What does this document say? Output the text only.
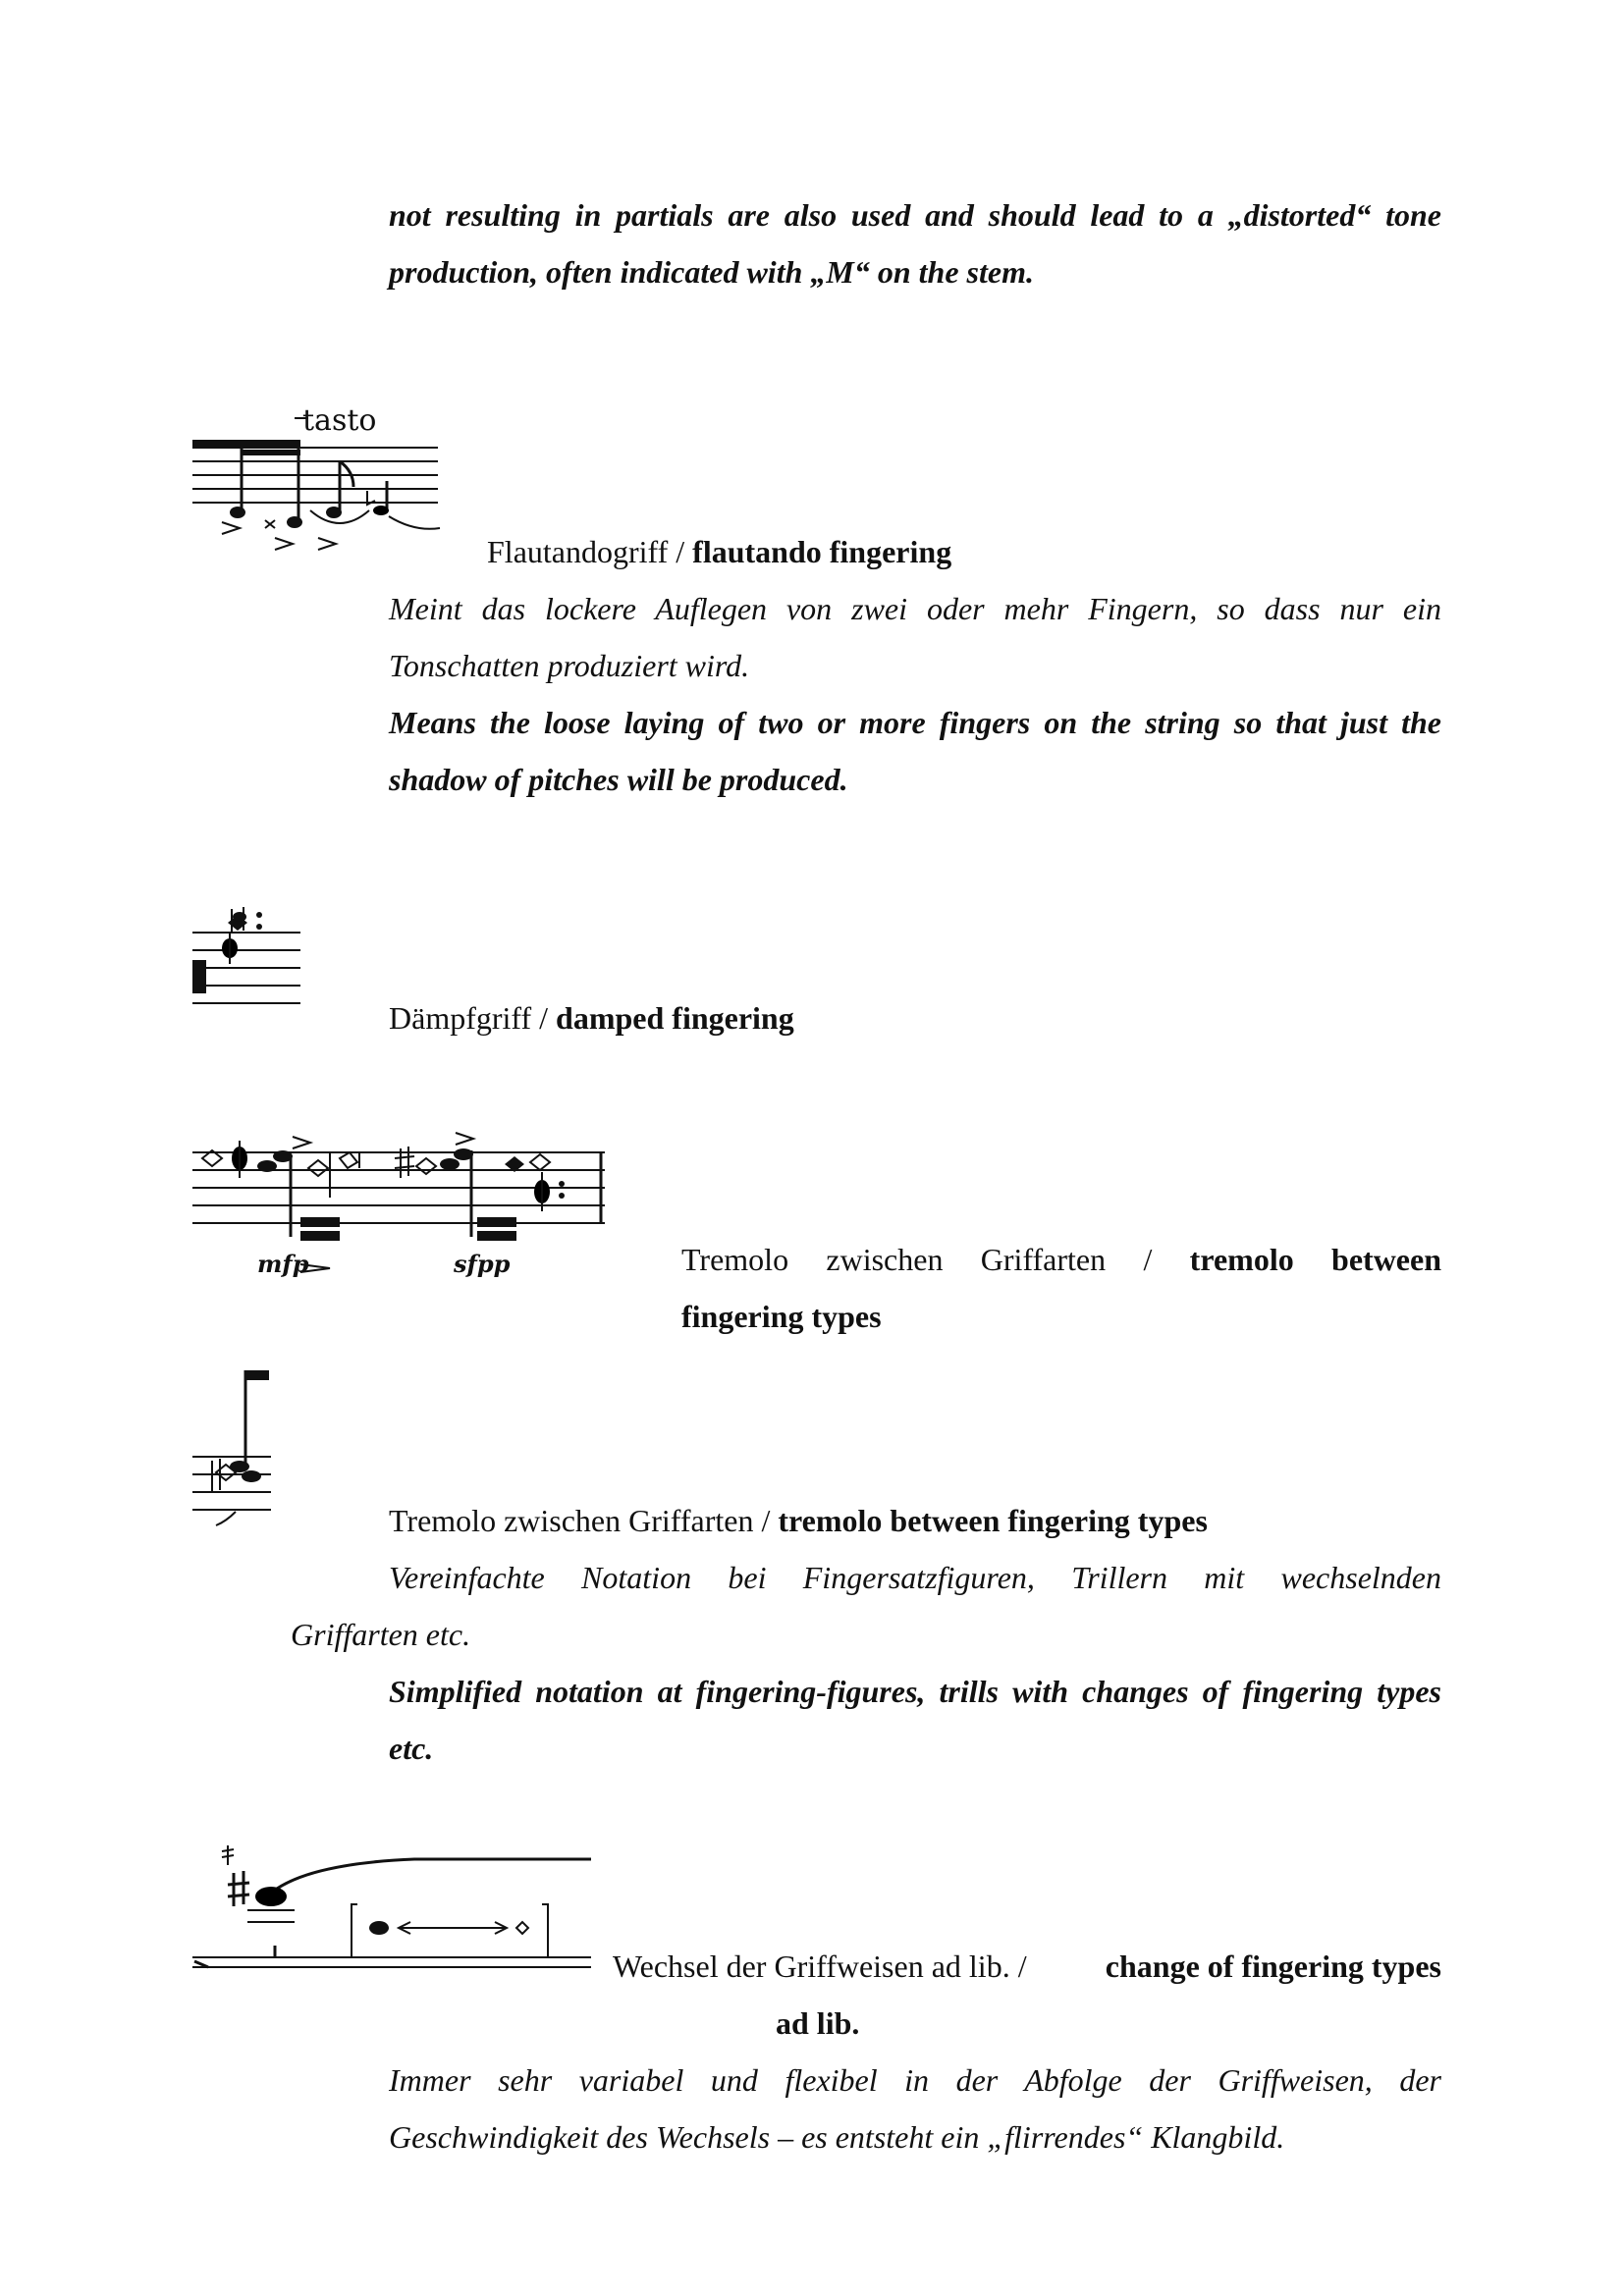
not resulting in partials are also used and should lead to a „distorted“ tone
production, often indicated with „M“ on the stem.
tasto
Flautandogriff / flautando fingering
Meint das lockere Auflegen von zwei oder mehr Fingern, so dass nur ein
Tonschatten produziert wird.
Means the loose laying of two or more fingers on the string so that just the
shadow of pitches will be produced.
Dämpfgriff / damped fingering
mfp	sfpp	Tremolo zwischen Griffarten / tremolo between
fingering types
Tremolo zwischen Griffarten / tremolo between fingering types
Vereinfachte Notation bei Fingersatzfiguren, Trillern mit wechselnden
Griffarten etc.
Simplified notation at fingering-figures, trills with changes of fingering types
etc.
Wechsel der Griffweisen ad lib. / change of fingering types
ad lib.
Immer sehr variabel und flexibel in der Abfolge der Griffweisen, der
Geschwindigkeit des Wechsels – es entsteht ein „flirrendes“ Klangbild.
